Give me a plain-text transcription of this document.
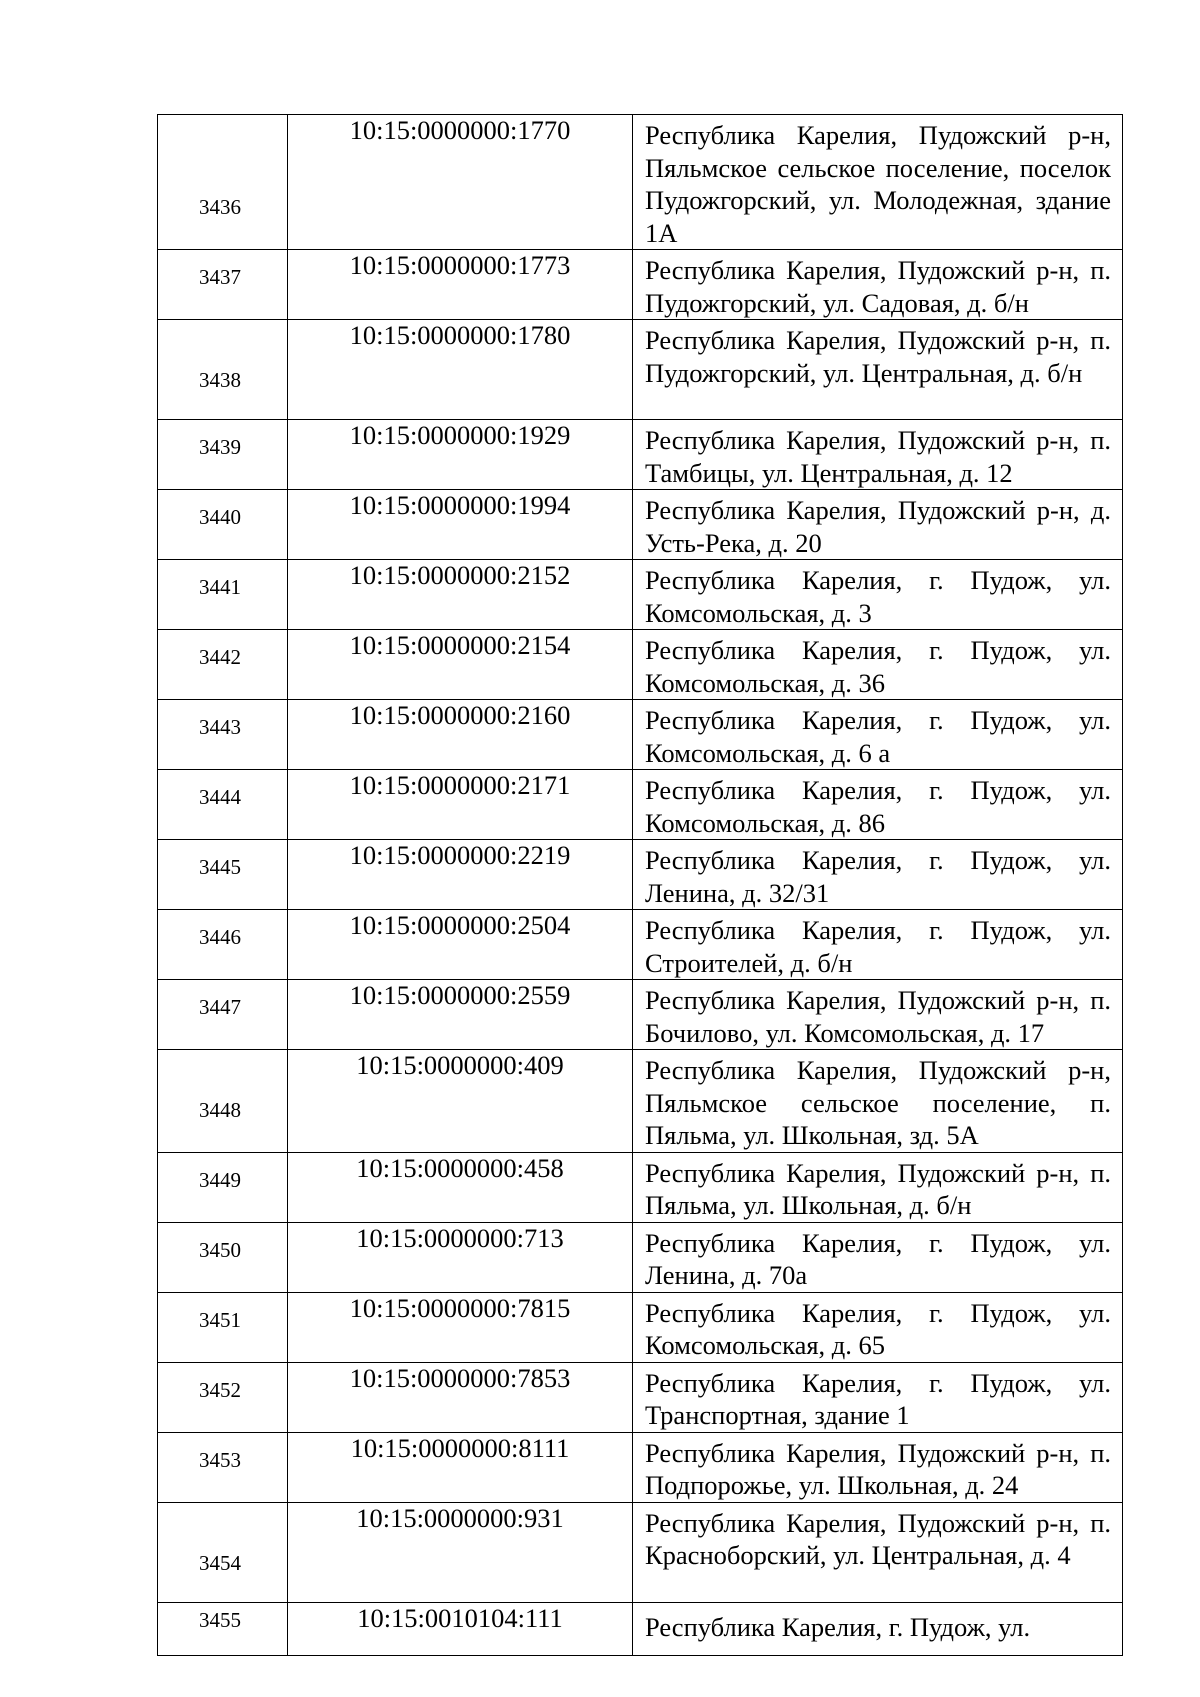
3436	10:15:0000000:1770	Республика Карелия, Пудожский р-н, Пяльмское сельское поселение, поселок Пудожгорский, ул. Молодежная, здание 1А

3437	10:15:0000000:1773	Республика Карелия, Пудожский р-н, п. Пудожгорский, ул. Садовая, д. б/н

3438	10:15:0000000:1780	Республика Карелия, Пудожский р-н, п. Пудожгорский, ул. Центральная, д. б/н

3439	10:15:0000000:1929	Республика Карелия, Пудожский р-н, п. Тамбицы, ул. Центральная, д. 12

3440	10:15:0000000:1994	Республика Карелия, Пудожский р-н, д. Усть-Река, д. 20

3441	10:15:0000000:2152	Республика Карелия, г. Пудож, ул. Комсомольская, д. 3

3442	10:15:0000000:2154	Республика Карелия, г. Пудож, ул. Комсомольская, д. 36

3443	10:15:0000000:2160	Республика Карелия, г. Пудож, ул. Комсомольская, д. 6 а

3444	10:15:0000000:2171	Республика Карелия, г. Пудож, ул. Комсомольская, д. 86

3445	10:15:0000000:2219	Республика Карелия, г. Пудож, ул. Ленина, д. 32/31

3446	10:15:0000000:2504	Республика Карелия, г. Пудож, ул. Строителей, д. б/н

3447	10:15:0000000:2559	Республика Карелия, Пудожский р-н, п. Бочилово, ул. Комсомольская, д. 17

3448	10:15:0000000:409	Республика Карелия, Пудожский р-н, Пяльмское сельское поселение, п. Пяльма, ул. Школьная, зд. 5А

3449	10:15:0000000:458	Республика Карелия, Пудожский р-н, п. Пяльма, ул. Школьная, д. б/н

3450	10:15:0000000:713	Республика Карелия, г. Пудож, ул. Ленина, д. 70а

3451	10:15:0000000:7815	Республика Карелия, г. Пудож, ул. Комсомольская, д. 65

3452	10:15:0000000:7853	Республика Карелия, г. Пудож, ул. Транспортная, здание 1

3453	10:15:0000000:8111	Республика Карелия, Пудожский р-н, п. Подпорожье, ул. Школьная, д. 24

3454	10:15:0000000:931	Республика Карелия, Пудожский р-н, п. Красноборский, ул. Центральная, д. 4

3455	10:15:0010104:111	Республика Карелия, г. Пудож, ул.
